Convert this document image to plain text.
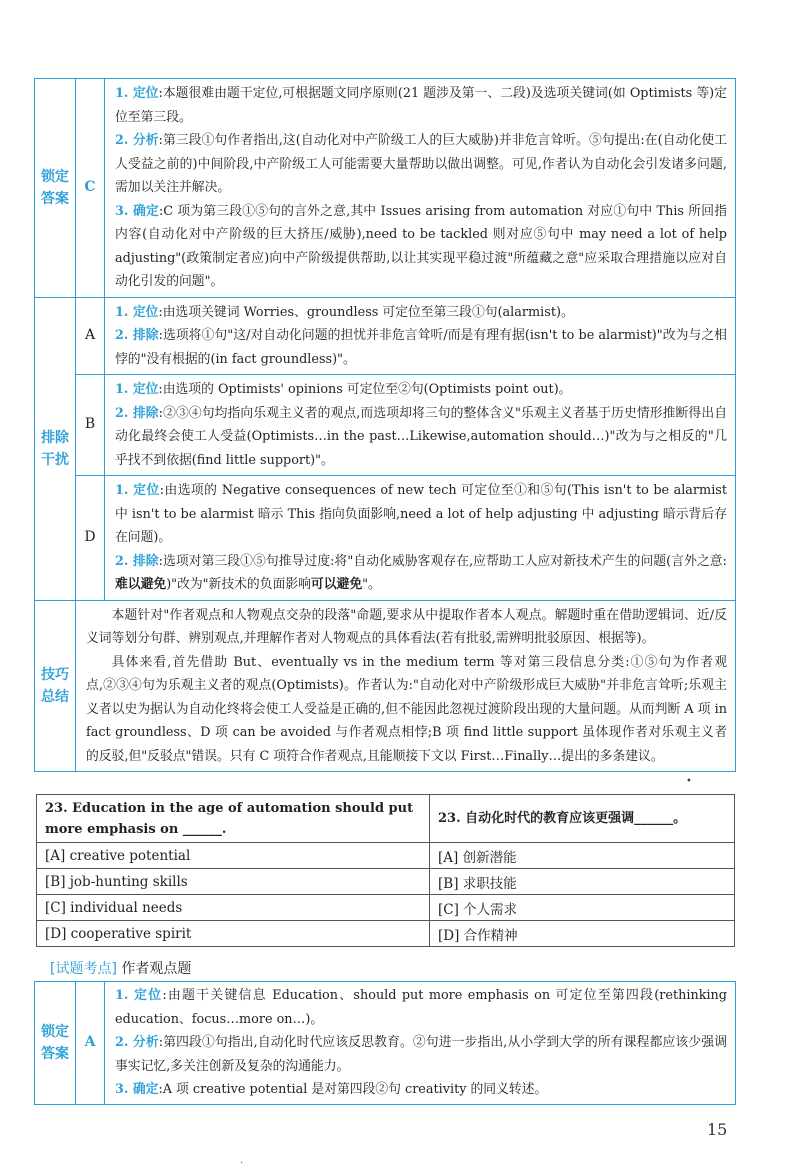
锁定答案	C	1. 定位:本题很难由题干定位,可根据题文同序原则(21 题涉及第一、二段)及选项关键词(如 Optimists 等)定位至第三段。

2. 分析:第三段①句作者指出,这(自动化对中产阶级工人的巨大威胁)并非危言耸听。⑤句提出:在(自动化使工人受益之前的)中间阶段,中产阶级工人可能需要大量帮助以做出调整。可见,作者认为自动化会引发诸多问题,需加以关注并解决。

3. 确定:C 项为第三段①⑤句的言外之意,其中 Issues arising from automation 对应①句中 This 所回指内容(自动化对中产阶级的巨大挤压/威胁),need to be tackled 则对应⑤句中 may need a lot of help adjusting"(政策制定者应)向中产阶级提供帮助,以让其实现平稳过渡"所蕴藏之意"应采取合理措施以应对自动化引发的问题"。

排除干扰	A	1. 定位:由选项关键词 Worries、groundless 可定位至第三段①句(alarmist)。

2. 排除:选项将①句"这/对自动化问题的担忧并非危言耸听/而是有理有据(isn't to be alarmist)"改为与之相悖的"没有根据的(in fact groundless)"。

	B	1. 定位:由选项的 Optimists' opinions 可定位至②句(Optimists point out)。

2. 排除:②③④句均指向乐观主义者的观点,而选项却将三句的整体含义"乐观主义者基于历史情形推断得出自动化最终会使工人受益(Optimists…in the past…Likewise,automation should…)"改为与之相反的"几乎找不到依据(find little support)"。

	D	1. 定位:由选项的 Negative consequences of new tech 可定位至①和⑤句(This isn't to be alarmist 中 isn't to be alarmist 暗示 This 指向负面影响,need a lot of help adjusting 中 adjusting 暗示背后存在问题)。

2. 排除:选项对第三段①⑤句推导过度:将"自动化威胁客观存在,应帮助工人应对新技术产生的问题(言外之意:难以避免)"改为"新技术的负面影响可以避免"。

技巧总结	本题针对"作者观点和人物观点交杂的段落"命题,要求从中提取作者本人观点。解题时重在借助逻辑词、近/反义词等划分句群、辨别观点,并理解作者对人物观点的具体看法(若有批驳,需辨明批驳原因、根据等)。

具体来看,首先借助 But、eventually vs in the medium term 等对第三段信息分类:①⑤句为作者观点,②③④句为乐观主义者的观点(Optimists)。作者认为:"自动化对中产阶级形成巨大威胁"并非危言耸听;乐观主义者以史为据认为自动化终将会使工人受益是正确的,但不能因此忽视过渡阶段出现的大量问题。从而判断 A 项 in fact groundless、D 项 can be avoided 与作者观点相悖;B 项 find little support 虽体现作者对乐观主义者的反驳,但"反驳点"错误。只有 C 项符合作者观点,且能顺接下文以 First…Finally…提出的多条建议。	

•
23. Education in the age of automation should put more emphasis on ______.	23. 自动化时代的教育应该更强调______。
[A] creative potential	[A] 创新潜能
[B] job-hunting skills	[B] 求职技能
[C] individual needs	[C] 个人需求
[D] cooperative spirit	[D] 合作精神
[试题考点] 作者观点题
锁定答案	A	

1. 定位:由题干关键信息 Education、should put more emphasis on 可定位至第四段(rethinking education、focus…more on…)。

2. 分析:第四段①句指出,自动化时代应该反思教育。②句进一步指出,从小学到大学的所有课程都应该少强调事实记忆,多关注创新及复杂的沟通能力。

3. 确定:A 项 creative potential 是对第四段②句 creativity 的同义转述。

15
·
